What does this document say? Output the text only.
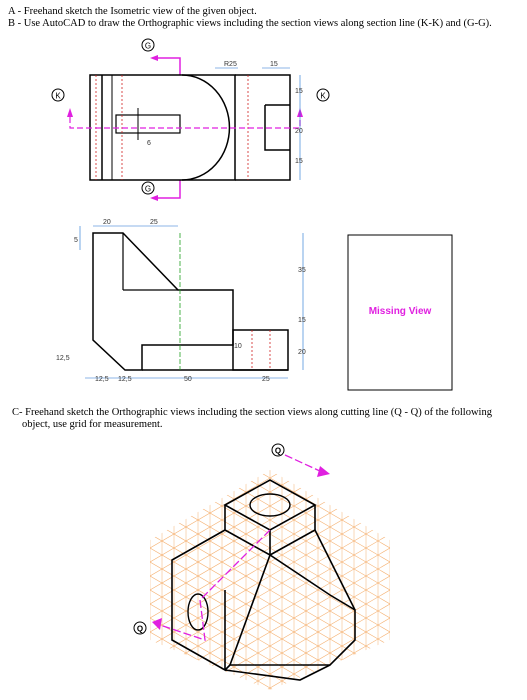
A - Freehand sketch the Isometric view of the given object.
B - Use AutoCAD to draw the Orthographic views including the section views along section line (K-K) and (G-G).
C- Freehand sketch the Orthographic views including the section views along cutting line (Q - Q) of the following
object, use grid for measurement.
G
G
K	K
R25	15
15
20
15
6
20	25
5
35
15
20
10
12,5
12,5 12,5	50	25
Missing View
Q
Q
